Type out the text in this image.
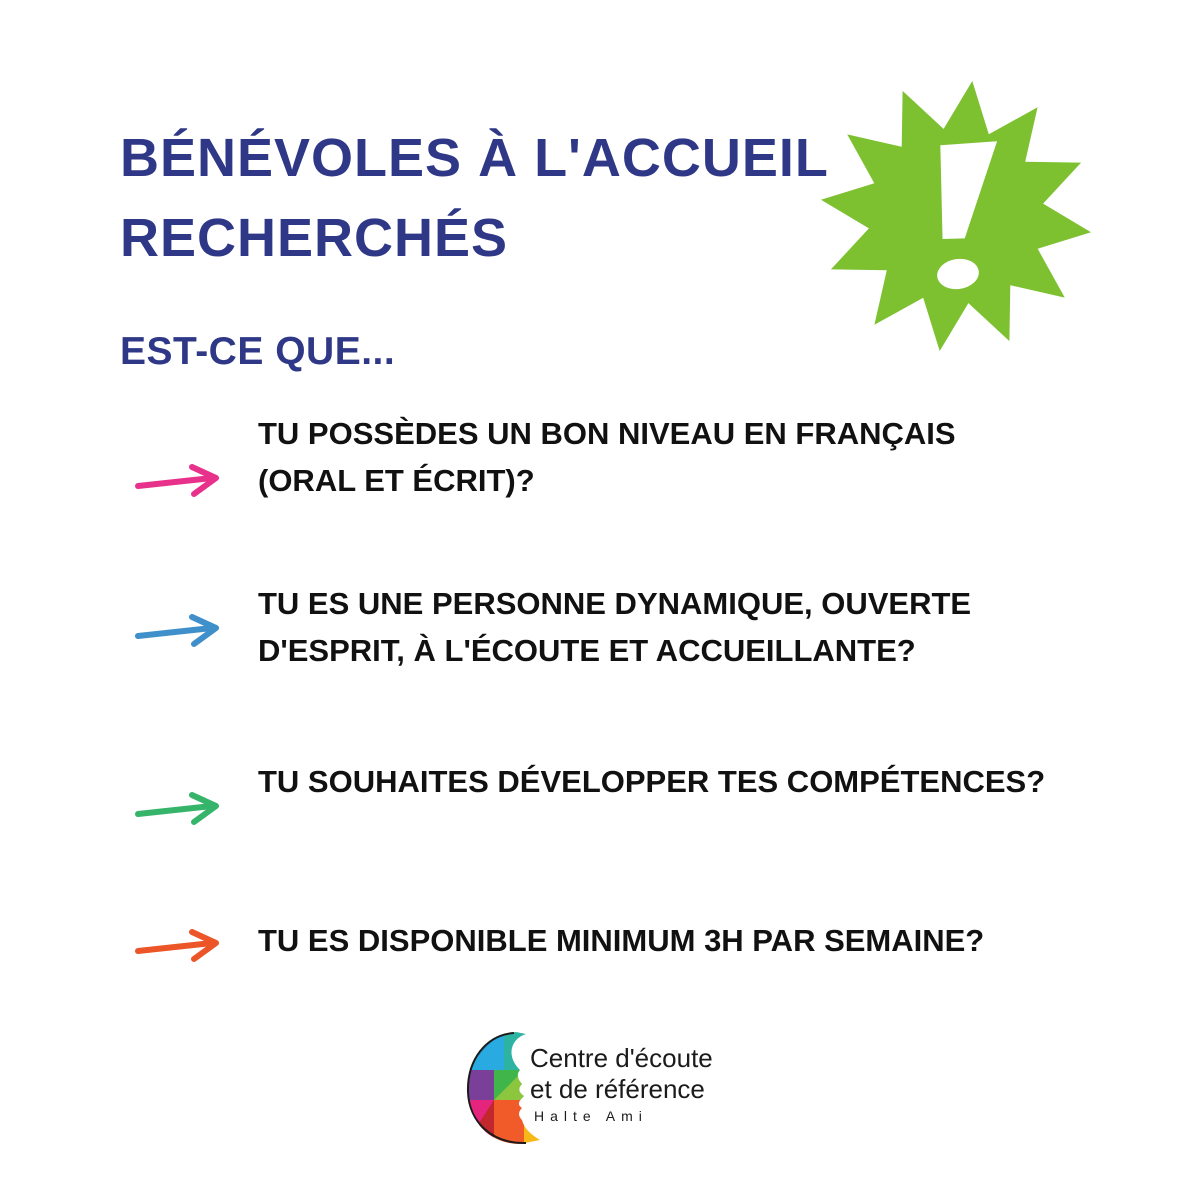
BÉNÉVOLES À L'ACCUEIL RECHERCHÉS
EST-CE QUE...

TU POSSÈDES UN BON NIVEAU EN FRANÇAIS
(ORAL ET ÉCRIT)?

TU ES UNE PERSONNE DYNAMIQUE, OUVERTE
D'ESPRIT, À L'ÉCOUTE ET ACCUEILLANTE?

TU SOUHAITES DÉVELOPPER TES COMPÉTENCES?

TU ES DISPONIBLE MINIMUM 3H PAR SEMAINE?

Centre d'écoute

et de référence

Halte Ami
